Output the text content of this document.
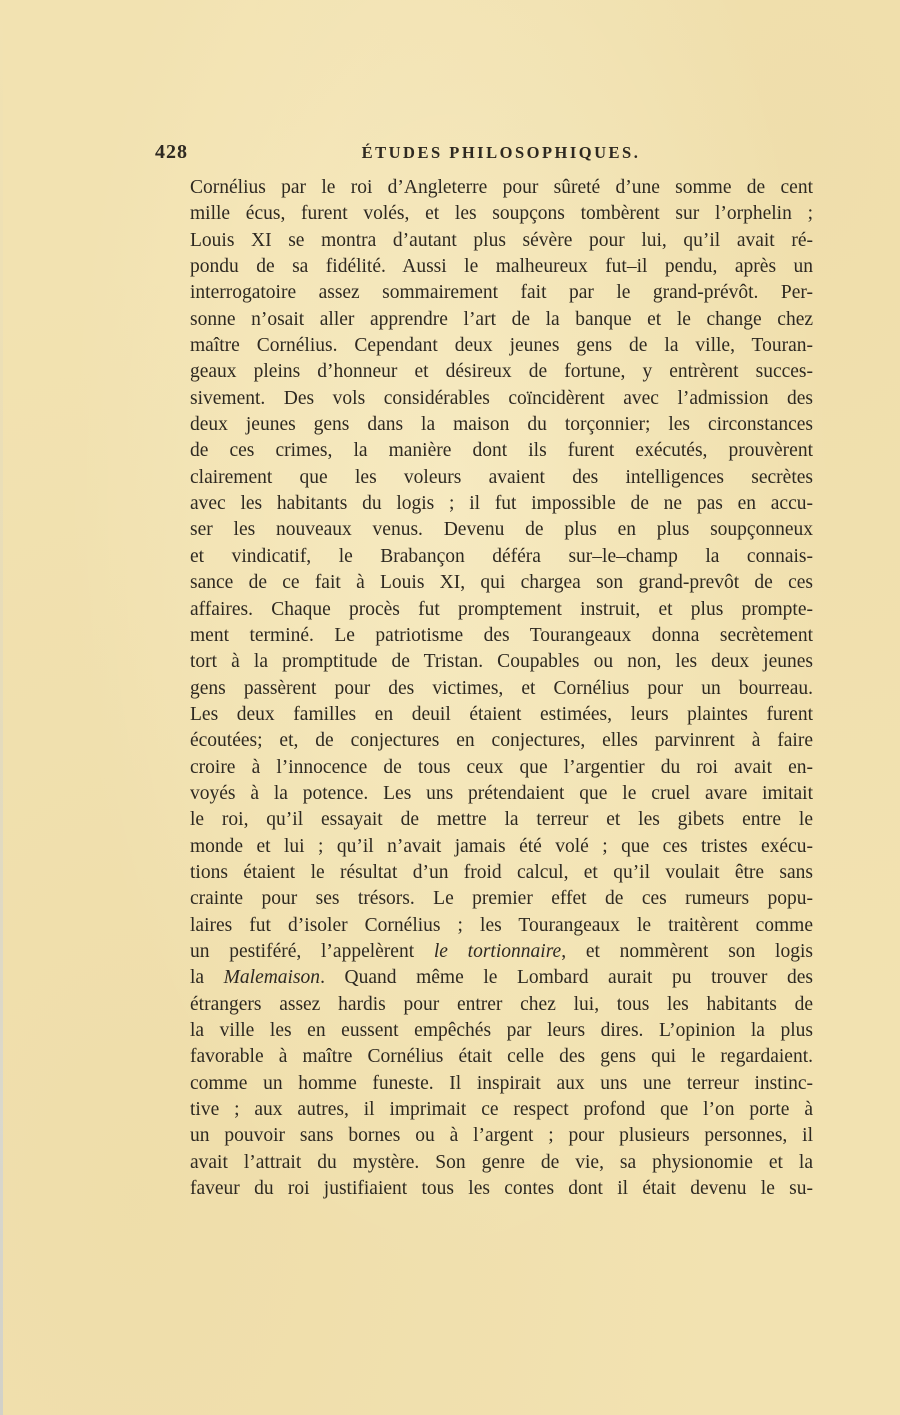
428	ÉTUDES PHILOSOPHIQUES.
Cornélius par le roi d’Angleterre pour sûreté d’une somme de cent
mille écus, furent volés, et les soupçons tombèrent sur l’orphelin ;
Louis XI se montra d’autant plus sévère pour lui, qu’il avait ré-
pondu de sa fidélité. Aussi le malheureux fut–il pendu, après un
interrogatoire assez sommairement fait par le grand-prévôt. Per-
sonne n’osait aller apprendre l’art de la banque et le change chez
maître Cornélius. Cependant deux jeunes gens de la ville, Touran-
geaux pleins d’honneur et désireux de fortune, y entrèrent succes-
sivement. Des vols considérables coïncidèrent avec l’admission des
deux jeunes gens dans la maison du torçonnier; les circonstances
de ces crimes, la manière dont ils furent exécutés, prouvèrent
clairement que les voleurs avaient des intelligences secrètes
avec les habitants du logis ; il fut impossible de ne pas en accu-
ser les nouveaux venus. Devenu de plus en plus soupçonneux
et vindicatif, le Brabançon déféra sur–le–champ la connais-
sance de ce fait à Louis XI, qui chargea son grand-prevôt de ces
affaires. Chaque procès fut promptement instruit, et plus prompte-
ment terminé. Le patriotisme des Tourangeaux donna secrètement
tort à la promptitude de Tristan. Coupables ou non, les deux jeunes
gens passèrent pour des victimes, et Cornélius pour un bourreau.
Les deux familles en deuil étaient estimées, leurs plaintes furent
écoutées; et, de conjectures en conjectures, elles parvinrent à faire
croire à l’innocence de tous ceux que l’argentier du roi avait en-
voyés à la potence. Les uns prétendaient que le cruel avare imitait
le roi, qu’il essayait de mettre la terreur et les gibets entre le
monde et lui ; qu’il n’avait jamais été volé ; que ces tristes exécu-
tions étaient le résultat d’un froid calcul, et qu’il voulait être sans
crainte pour ses trésors. Le premier effet de ces rumeurs popu-
laires fut d’isoler Cornélius ; les Tourangeaux le traitèrent comme
un pestiféré, l’appelèrent le tortionnaire, et nommèrent son logis
la Malemaison. Quand même le Lombard aurait pu trouver des
étrangers assez hardis pour entrer chez lui, tous les habitants de
la ville les en eussent empêchés par leurs dires. L’opinion la plus
favorable à maître Cornélius était celle des gens qui le regardaient.
comme un homme funeste. Il inspirait aux uns une terreur instinc-
tive ; aux autres, il imprimait ce respect profond que l’on porte à
un pouvoir sans bornes ou à l’argent ; pour plusieurs personnes, il
avait l’attrait du mystère. Son genre de vie, sa physionomie et la
faveur du roi justifiaient tous les contes dont il était devenu le su-
